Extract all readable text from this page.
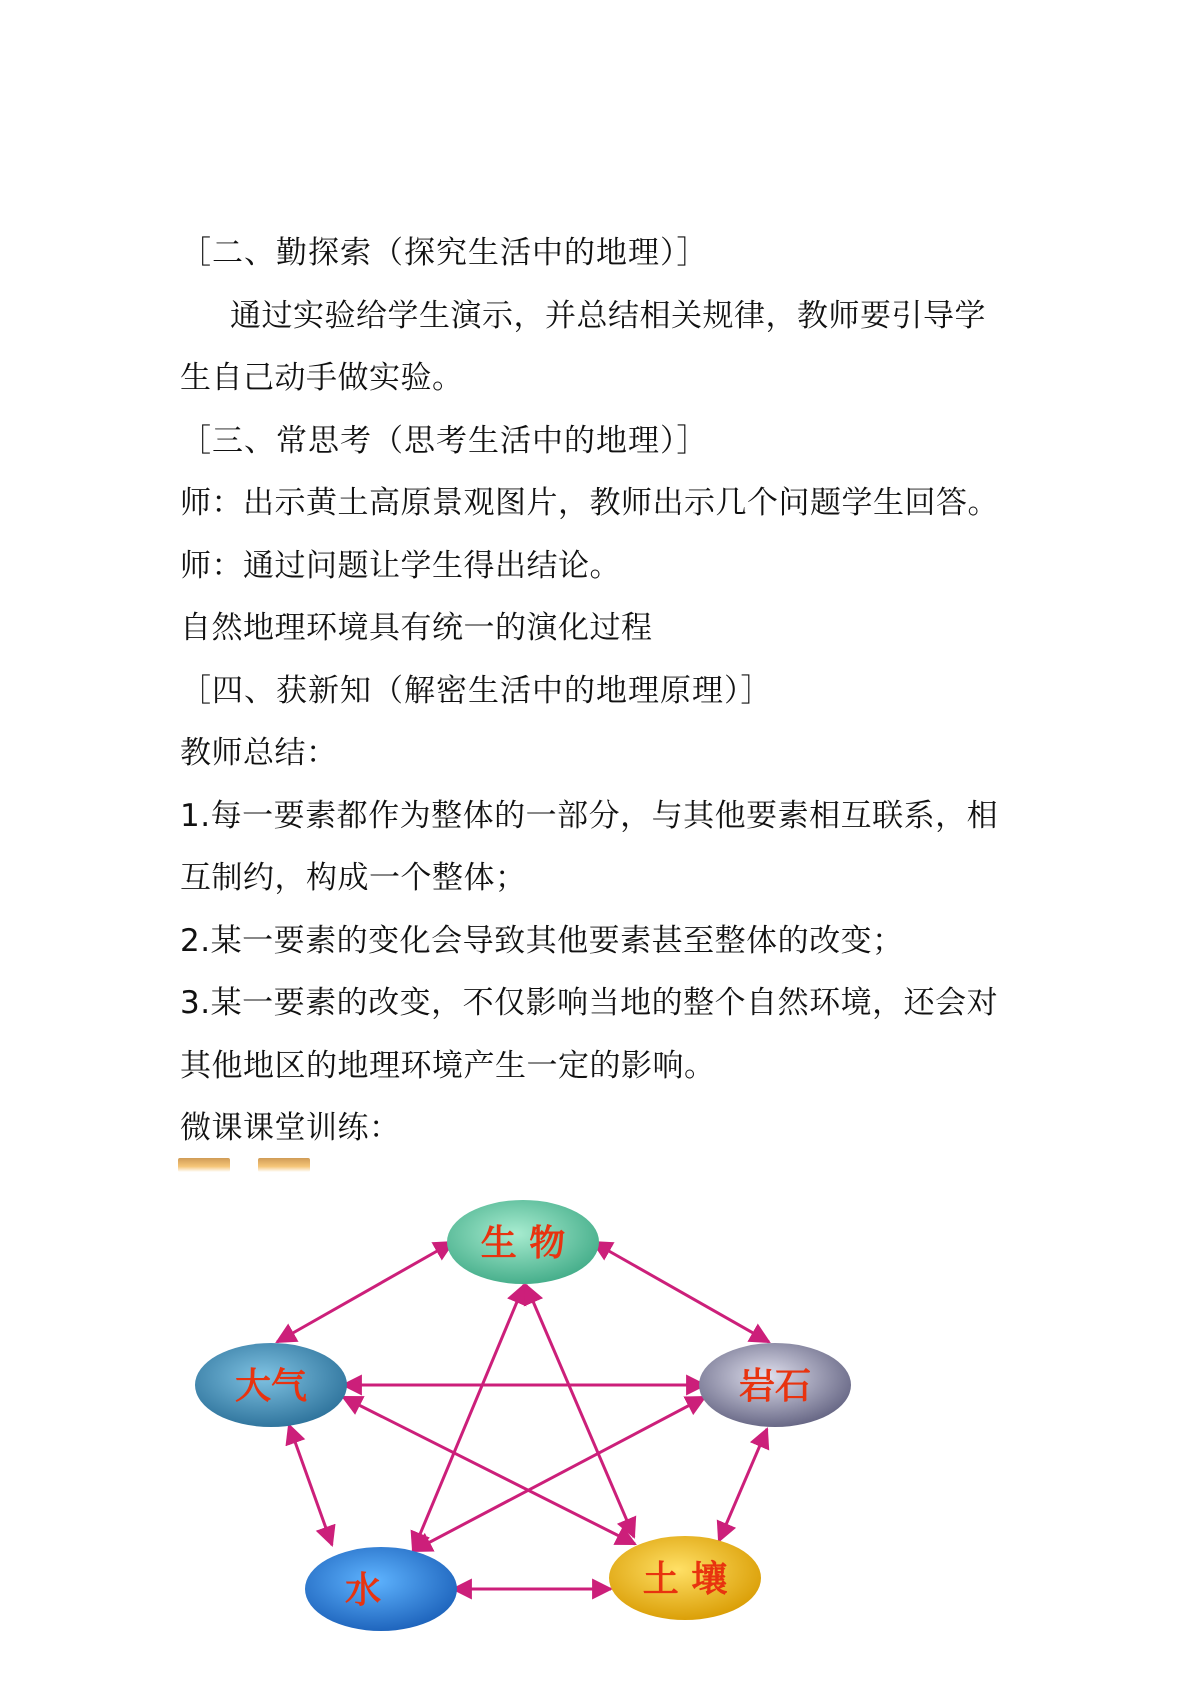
［二、勤探索（探究生活中的地理）］
通过实验给学生演示，并总结相关规律，教师要引导学
生自己动手做实验。
［三、常思考（思考生活中的地理）］
师：出示黄土高原景观图片，教师出示几个问题学生回答。
师：通过问题让学生得出结论。
自然地理环境具有统一的演化过程
［四、获新知（解密生活中的地理原理）］
教师总结：
1.每一要素都作为整体的一部分，与其他要素相互联系，相
互制约，构成一个整体；
2.某一要素的变化会导致其他要素甚至整体的改变；
3.某一要素的改变，不仅影响当地的整个自然环境，还会对
其他地区的地理环境产生一定的影响。
微课课堂训练：
生 物
大气	岩石
水	土 壤
